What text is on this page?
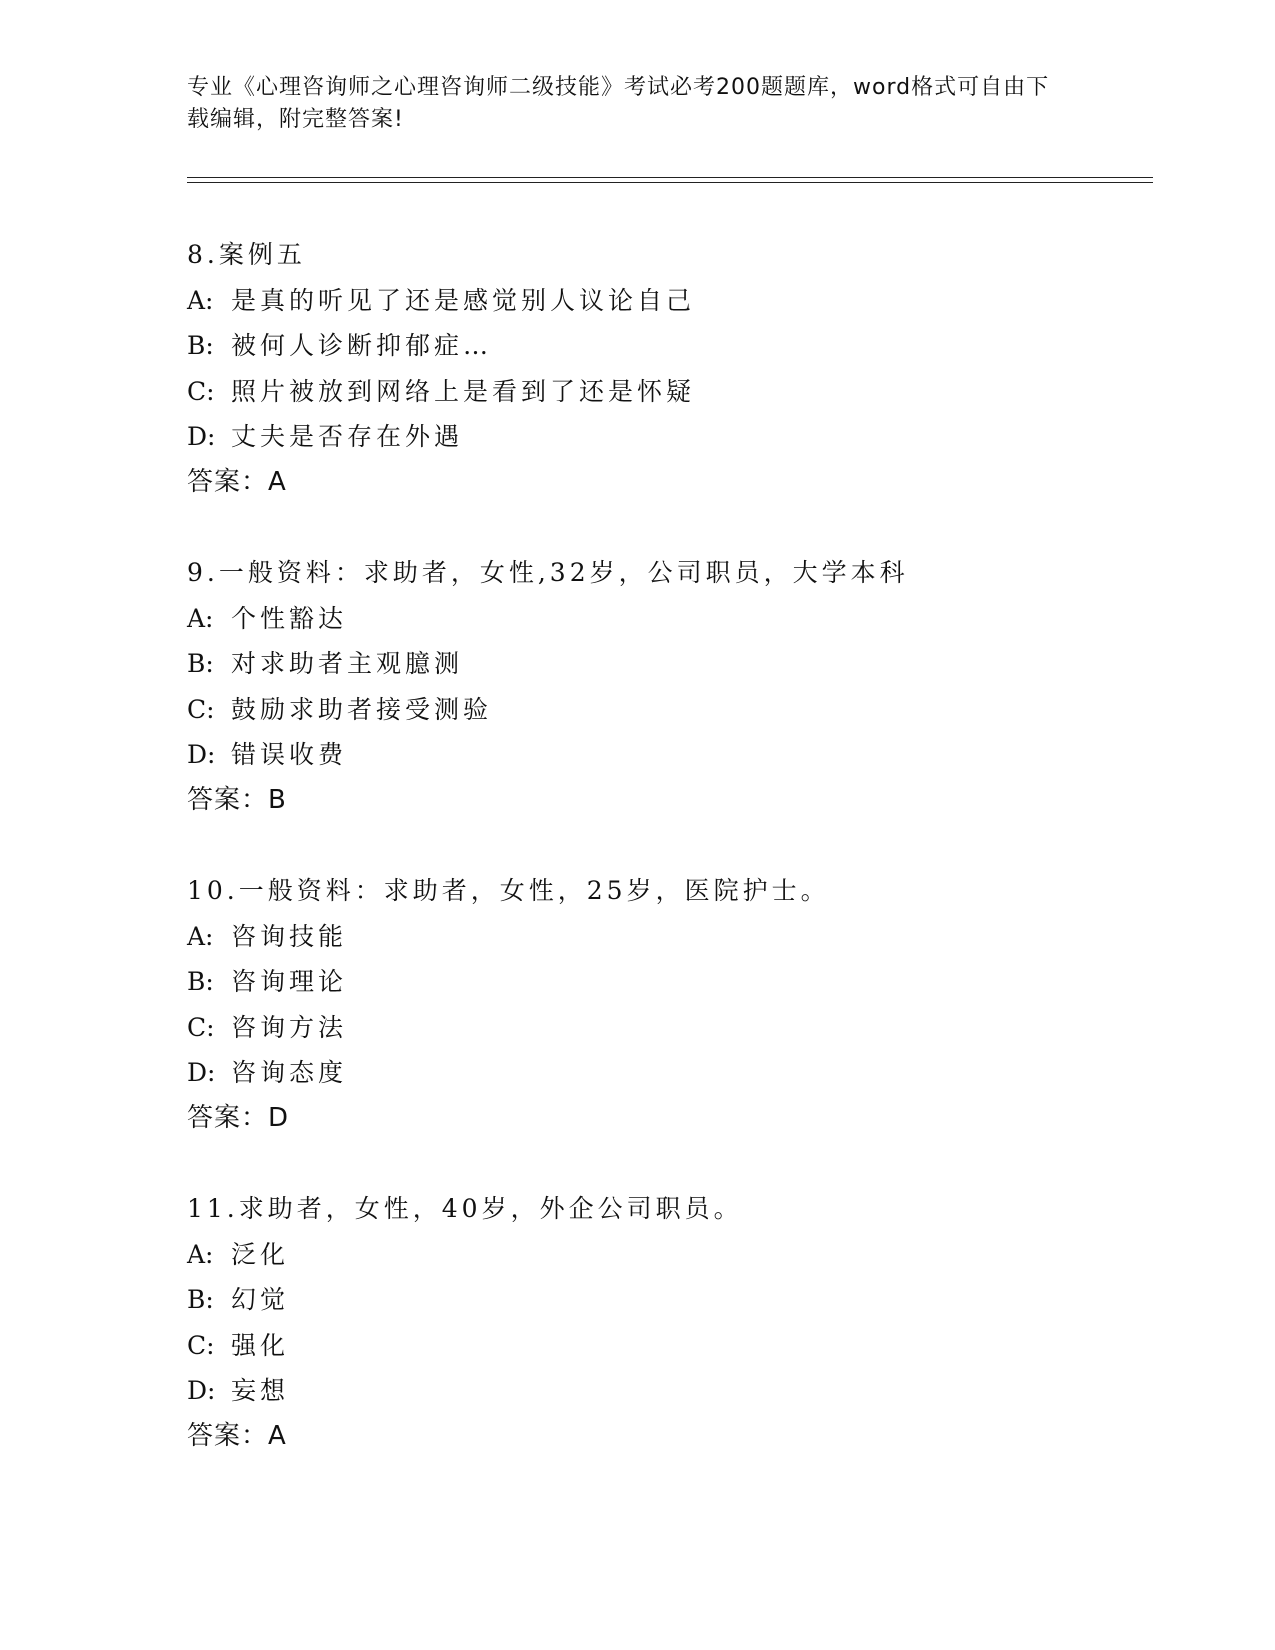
专业《心理咨询师之心理咨询师二级技能》考试必考200题题库，word格式可自由下载编辑，附完整答案!
8.案例五
A: 是真的听见了还是感觉别人议论自己
B: 被何人诊断抑郁症…
C: 照片被放到网络上是看到了还是怀疑
D: 丈夫是否存在外遇
答案：A
9.一般资料：求助者，女性,32岁，公司职员，大学本科
A: 个性豁达
B: 对求助者主观臆测
C: 鼓励求助者接受测验
D: 错误收费
答案：B
10.一般资料：求助者，女性，25岁，医院护士。
A: 咨询技能
B: 咨询理论
C: 咨询方法
D: 咨询态度
答案：D
11.求助者，女性，40岁，外企公司职员。
A: 泛化
B: 幻觉
C: 强化
D: 妄想
答案：A
